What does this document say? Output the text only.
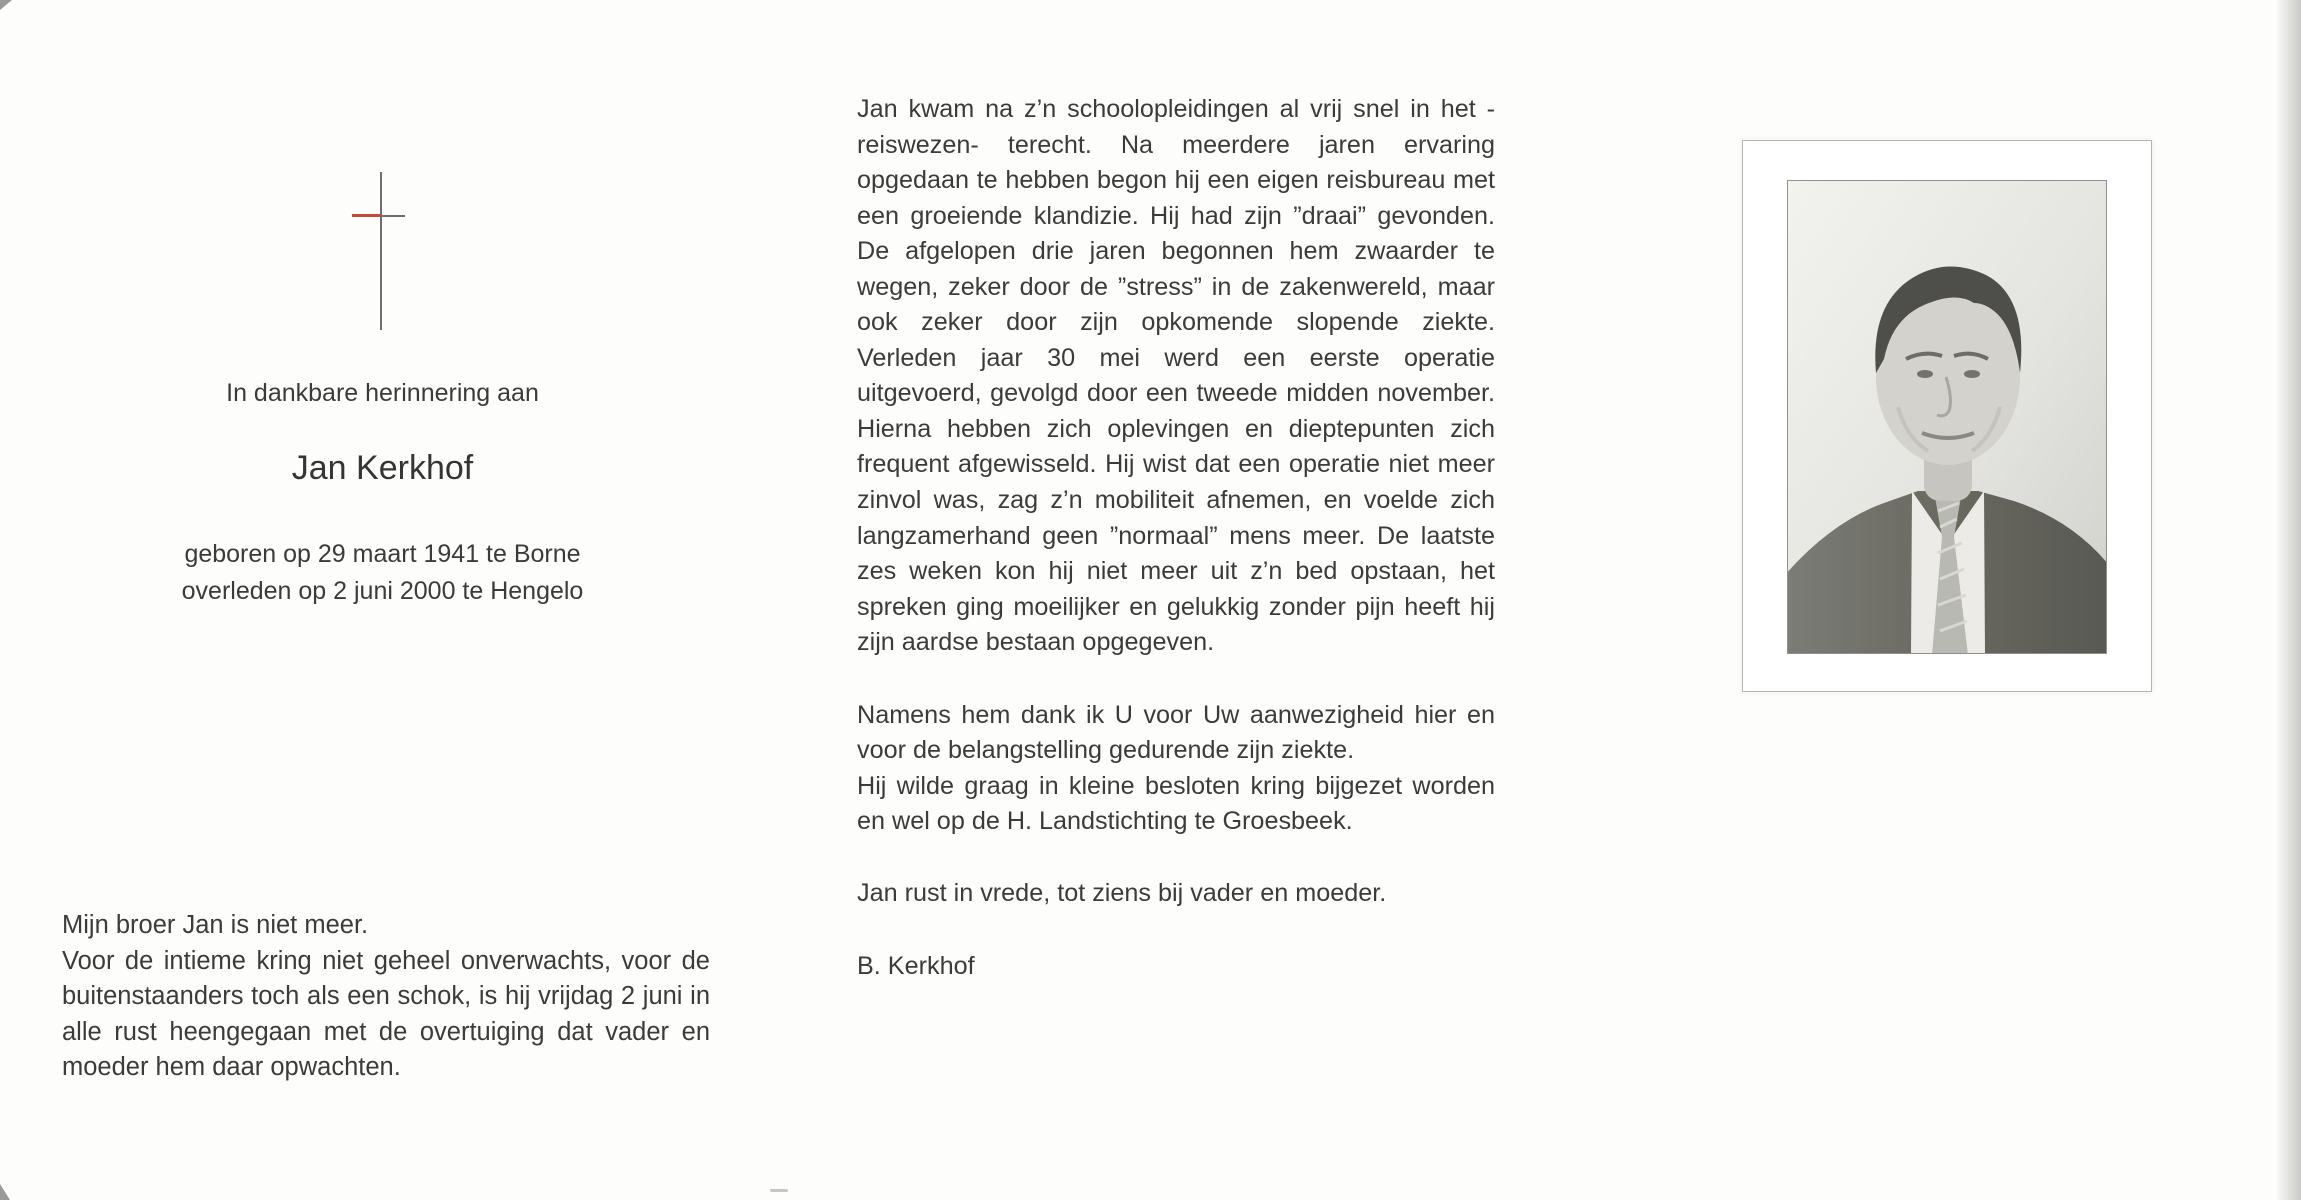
In dankbare herinnering aan

Jan Kerkhof

geboren op 29 maart 1941 te Borne

overleden op 2 juni 2000 te Hengelo

Mijn broer Jan is niet meer.

Voor de intieme kring niet geheel onverwachts, voor de buitenstaanders toch als een schok, is hij vrijdag 2 juni in alle rust heengegaan met de overtuiging dat vader en moeder hem daar opwachten.

Jan kwam na z’n schoolopleidingen al vrij snel in het -reiswezen- terecht. Na meerdere jaren ervaring opgedaan te hebben begon hij een eigen reisbureau met een groeiende klandizie. Hij had zijn ”draai” gevonden. De afgelopen drie jaren begonnen hem zwaarder te wegen, zeker door de ”stress” in de zakenwereld, maar ook zeker door zijn opkomende slopende ziekte. Verleden jaar 30 mei werd een eerste operatie uitgevoerd, gevolgd door een tweede midden november. Hierna hebben zich oplevingen en dieptepunten zich frequent afgewisseld. Hij wist dat een operatie niet meer zinvol was, zag z’n mobiliteit afnemen, en voelde zich langzamerhand geen ”normaal” mens meer. De laatste zes weken kon hij niet meer uit z’n bed opstaan, het spreken ging moeilijker en gelukkig zonder pijn heeft hij zijn aardse bestaan opgegeven.

Namens hem dank ik U voor Uw aanwezigheid hier en voor de belangstelling gedurende zijn ziekte.

Hij wilde graag in kleine besloten kring bijgezet worden en wel op de H. Landstichting te Groesbeek.

Jan rust in vrede, tot ziens bij vader en moeder.

B. Kerkhof
